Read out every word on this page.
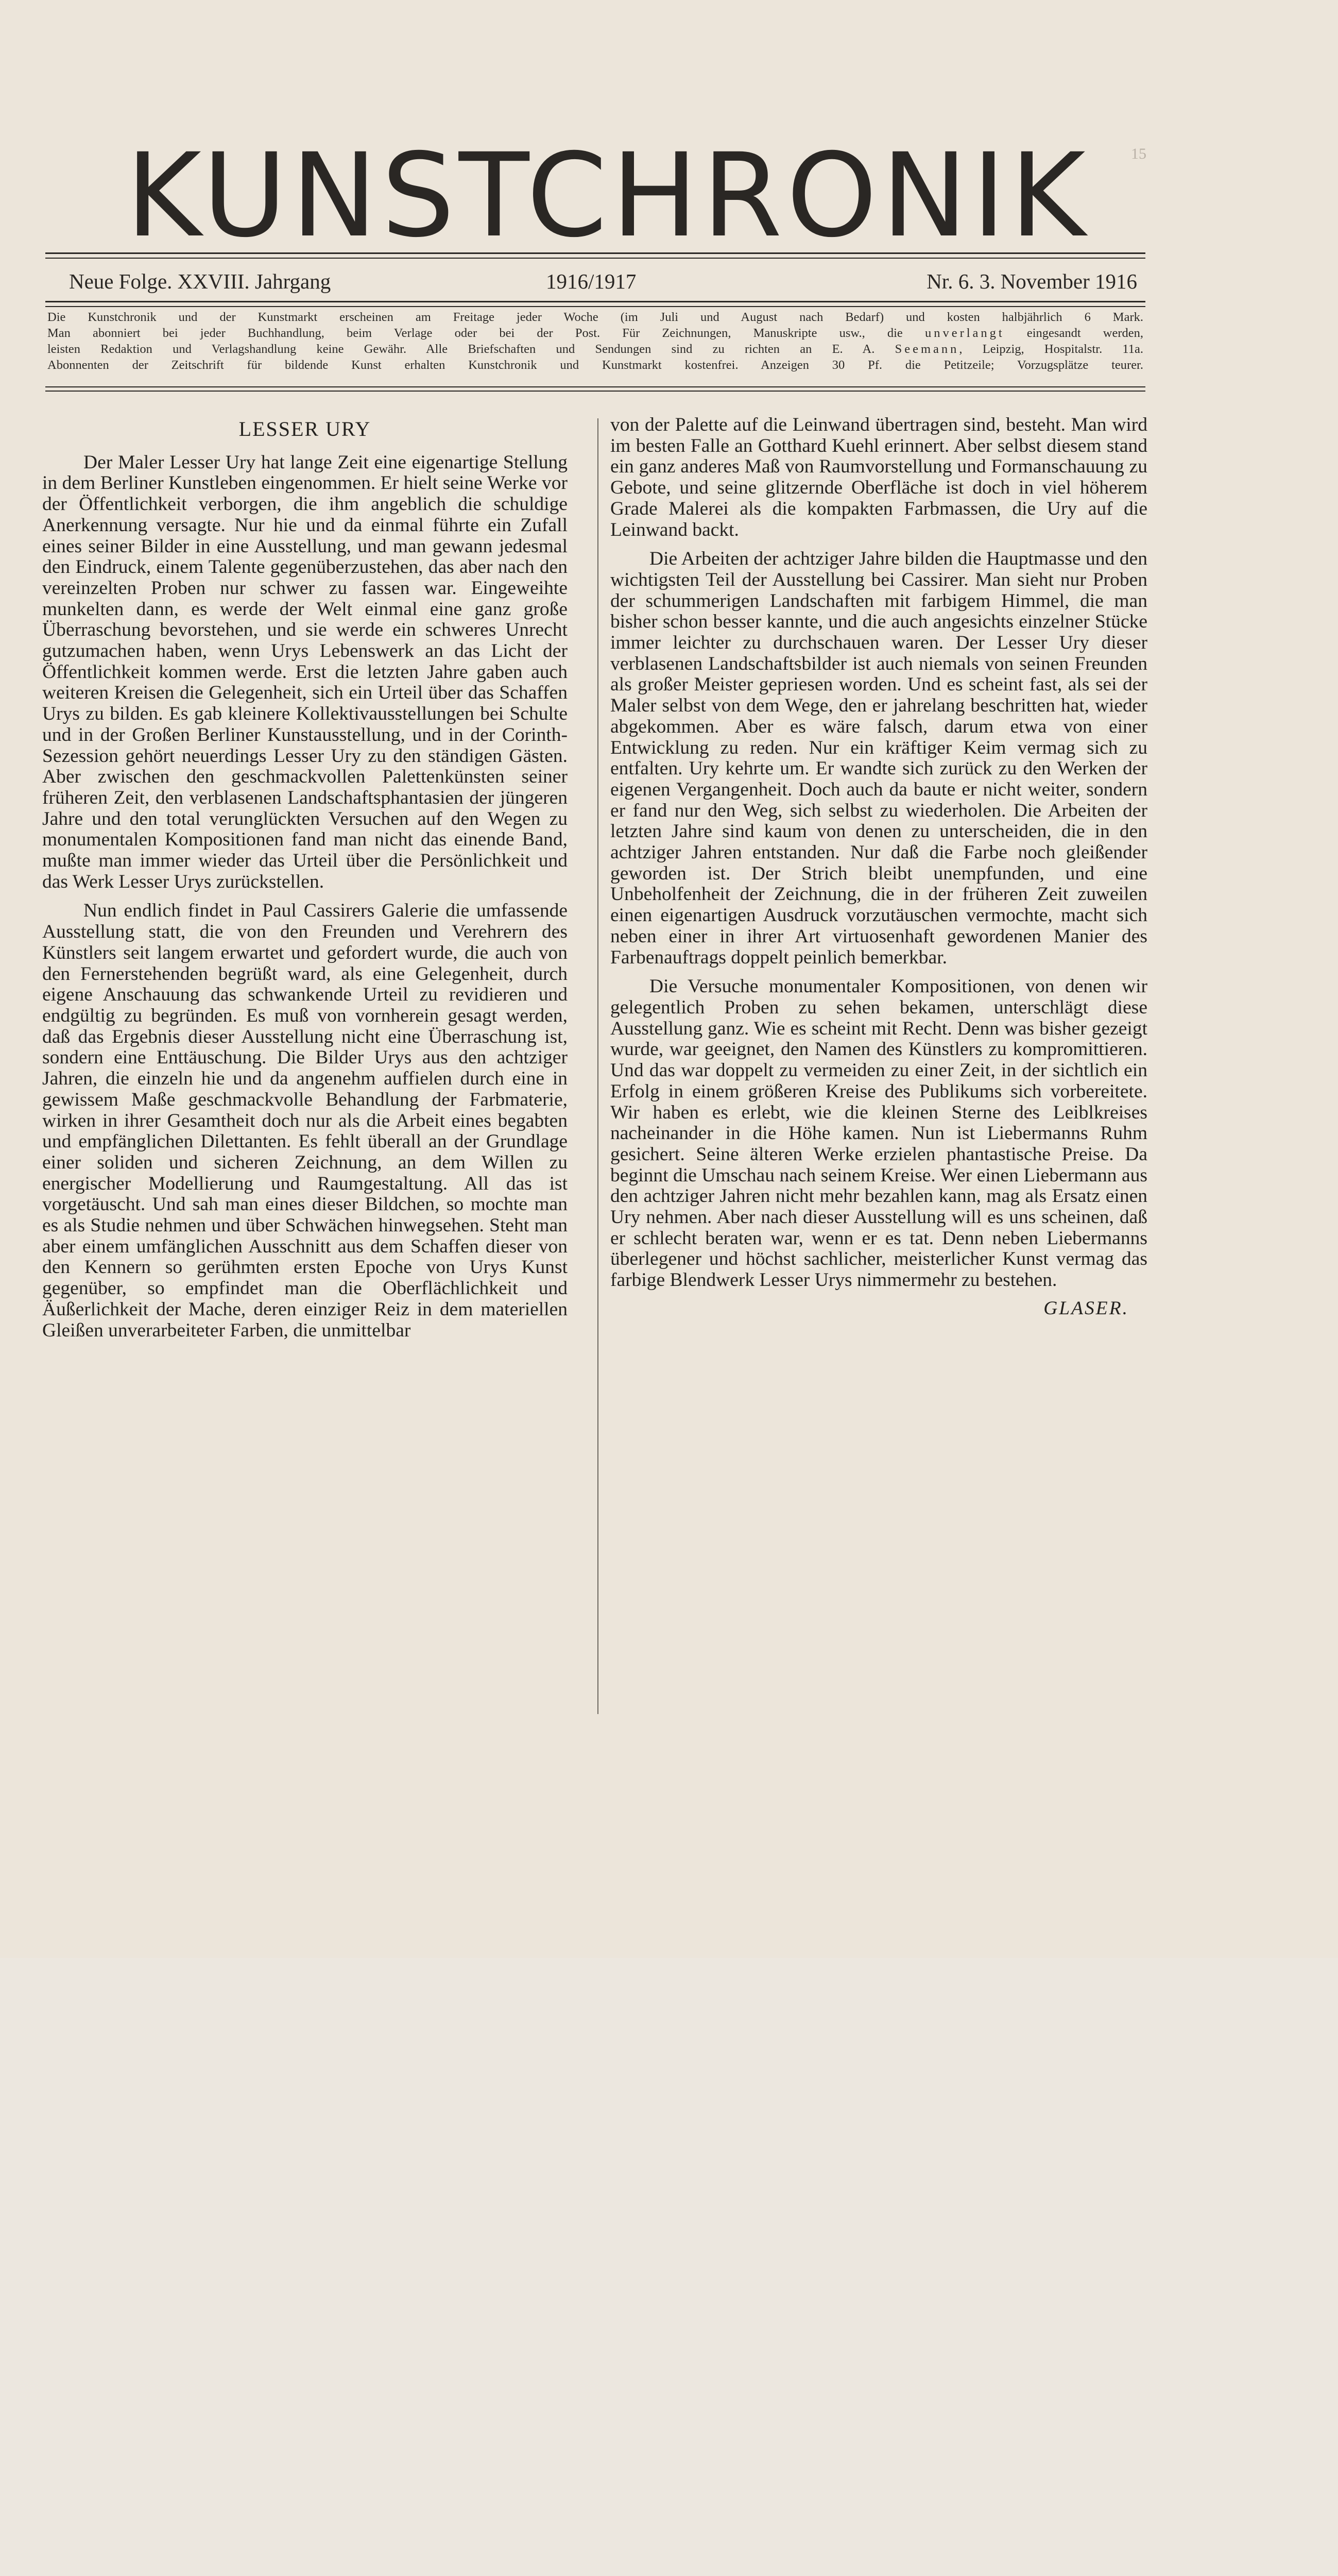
KUNSTCHRONIK	15
Neue Folge. XXVIII. Jahrgang	1916/1917	Nr. 6. 3. November 1916

Die Kunstchronik und der Kunstmarkt erscheinen am Freitage jeder Woche (im Juli und August nach Bedarf) und kosten halbjährlich 6 Mark.

Man abonniert bei jeder Buchhandlung, beim Verlage oder bei der Post. Für Zeichnungen, Manuskripte usw., die unverlangt eingesandt werden,

leisten Redaktion und Verlagshandlung keine Gewähr. Alle Briefschaften und Sendungen sind zu richten an E. A. Seemann, Leipzig, Hospitalstr. 11a.

Abonnenten der Zeitschrift für bildende Kunst erhalten Kunstchronik und Kunstmarkt kostenfrei. Anzeigen 30 Pf. die Petitzeile; Vorzugsplätze teurer.

LESSER URY

Der Maler Lesser Ury hat lange Zeit eine eigenartige Stellung in dem Berliner Kunstleben eingenommen. Er hielt seine Werke vor der Öffentlichkeit verborgen, die ihm angeblich die schuldige Anerkennung versagte. Nur hie und da einmal führte ein Zufall eines seiner Bilder in eine Ausstellung, und man gewann jedesmal den Eindruck, einem Talente gegenüberzustehen, das aber nach den vereinzelten Proben nur schwer zu fassen war. Eingeweihte munkelten dann, es werde der Welt einmal eine ganz große Überraschung bevorstehen, und sie werde ein schweres Unrecht gutzumachen haben, wenn Urys Lebenswerk an das Licht der Öffentlichkeit kommen werde. Erst die letzten Jahre gaben auch weiteren Kreisen die Gelegenheit, sich ein Urteil über das Schaffen Urys zu bilden. Es gab kleinere Kollektivausstellungen bei Schulte und in der Großen Berliner Kunstausstellung, und in der Corinth-Sezession gehört neuerdings Lesser Ury zu den ständigen Gästen. Aber zwischen den geschmackvollen Palettenkünsten seiner früheren Zeit, den verblasenen Landschaftsphantasien der jüngeren Jahre und den total verunglückten Versuchen auf den Wegen zu monumentalen Kompositionen fand man nicht das einende Band, mußte man immer wieder das Urteil über die Persönlichkeit und das Werk Lesser Urys zurückstellen.

Nun endlich findet in Paul Cassirers Galerie die umfassende Ausstellung statt, die von den Freunden und Verehrern des Künstlers seit langem erwartet und gefordert wurde, die auch von den Fernerstehenden begrüßt ward, als eine Gelegenheit, durch eigene Anschauung das schwankende Urteil zu revidieren und endgültig zu begründen. Es muß von vornherein gesagt werden, daß das Ergebnis dieser Ausstellung nicht eine Überraschung ist, sondern eine Enttäuschung. Die Bilder Urys aus den achtziger Jahren, die einzeln hie und da angenehm auffielen durch eine in gewissem Maße geschmackvolle Behandlung der Farbmaterie, wirken in ihrer Gesamtheit doch nur als die Arbeit eines begabten und empfänglichen Dilettanten. Es fehlt überall an der Grundlage einer soliden und sicheren Zeichnung, an dem Willen zu energischer Modellierung und Raumgestaltung. All das ist vorgetäuscht. Und sah man eines dieser Bildchen, so mochte man es als Studie nehmen und über Schwächen hinwegsehen. Steht man aber einem umfänglichen Ausschnitt aus dem Schaffen dieser von den Kennern so gerühmten ersten Epoche von Urys Kunst gegenüber, so empfindet man die Oberflächlichkeit und Äußerlichkeit der Mache, deren einziger Reiz in dem materiellen Gleißen unverarbeiteter Farben, die unmittelbar

von der Palette auf die Leinwand übertragen sind, besteht. Man wird im besten Falle an Gotthard Kuehl erinnert. Aber selbst diesem stand ein ganz anderes Maß von Raumvorstellung und Formanschauung zu Gebote, und seine glitzernde Oberfläche ist doch in viel höherem Grade Malerei als die kompakten Farbmassen, die Ury auf die Leinwand backt.

Die Arbeiten der achtziger Jahre bilden die Hauptmasse und den wichtigsten Teil der Ausstellung bei Cassirer. Man sieht nur Proben der schummerigen Landschaften mit farbigem Himmel, die man bisher schon besser kannte, und die auch angesichts einzelner Stücke immer leichter zu durchschauen waren. Der Lesser Ury dieser verblasenen Landschaftsbilder ist auch niemals von seinen Freunden als großer Meister gepriesen worden. Und es scheint fast, als sei der Maler selbst von dem Wege, den er jahrelang beschritten hat, wieder abgekommen. Aber es wäre falsch, darum etwa von einer Entwicklung zu reden. Nur ein kräftiger Keim vermag sich zu entfalten. Ury kehrte um. Er wandte sich zurück zu den Werken der eigenen Vergangenheit. Doch auch da baute er nicht weiter, sondern er fand nur den Weg, sich selbst zu wiederholen. Die Arbeiten der letzten Jahre sind kaum von denen zu unterscheiden, die in den achtziger Jahren entstanden. Nur daß die Farbe noch gleißender geworden ist. Der Strich bleibt unempfunden, und eine Unbeholfenheit der Zeichnung, die in der früheren Zeit zuweilen einen eigenartigen Ausdruck vorzutäuschen vermochte, macht sich neben einer in ihrer Art virtuosenhaft gewordenen Manier des Farbenauftrags doppelt peinlich bemerkbar.

Die Versuche monumentaler Kompositionen, von denen wir gelegentlich Proben zu sehen bekamen, unterschlägt diese Ausstellung ganz. Wie es scheint mit Recht. Denn was bisher gezeigt wurde, war geeignet, den Namen des Künstlers zu kompromittieren. Und das war doppelt zu vermeiden zu einer Zeit, in der sichtlich ein Erfolg in einem größeren Kreise des Publikums sich vorbereitete. Wir haben es erlebt, wie die kleinen Sterne des Leiblkreises nacheinander in die Höhe kamen. Nun ist Liebermanns Ruhm gesichert. Seine älteren Werke erzielen phantastische Preise. Da beginnt die Umschau nach seinem Kreise. Wer einen Liebermann aus den achtziger Jahren nicht mehr bezahlen kann, mag als Ersatz einen Ury nehmen. Aber nach dieser Ausstellung will es uns scheinen, daß er schlecht beraten war, wenn er es tat. Denn neben Liebermanns überlegener und höchst sachlicher, meisterlicher Kunst vermag das farbige Blendwerk Lesser Urys nimmermehr zu bestehen.

GLASER.
